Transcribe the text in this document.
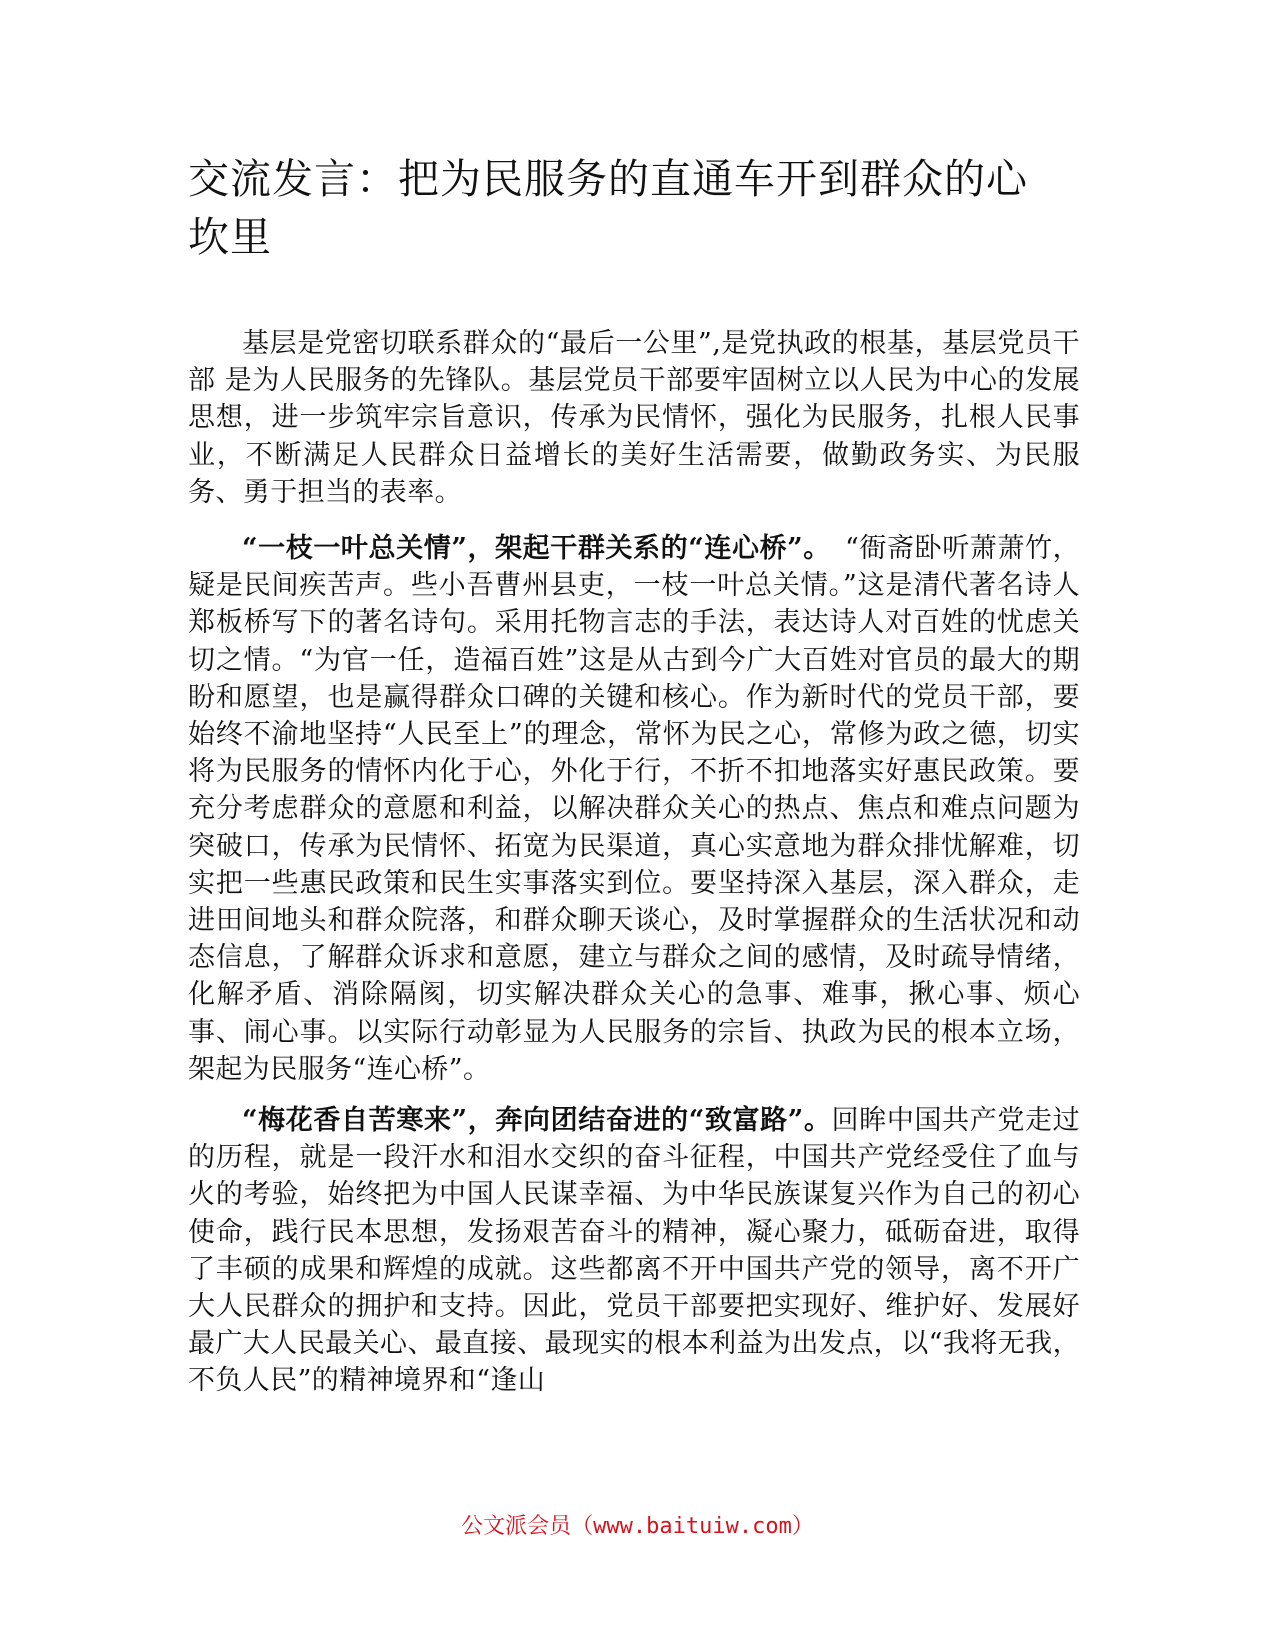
交流发言：把为民服务的直通车开到群众的心坎里

基层是党密切联系群众的“最后一公里”,是党执政的根基，基层党员干部 是为人民服务的先锋队。基层党员干部要牢固树立以人民为中心的发展思想，进一步筑牢宗旨意识，传承为民情怀，强化为民服务，扎根人民事业，不断满足人民群众日益增长的美好生活需要，做勤政务实、为民服务、勇于担当的表率。

“一枝一叶总关情”，架起干群关系的“连心桥”。　“衙斋卧听萧萧竹，疑是民间疾苦声。些小吾曹州县吏，一枝一叶总关情。”这是清代著名诗人郑板桥写下的著名诗句。采用托物言志的手法，表达诗人对百姓的忧虑关切之情。“为官一任，造福百姓”这是从古到今广大百姓对官员的最大的期盼和愿望，也是赢得群众口碑的关键和核心。作为新时代的党员干部，要始终不渝地坚持“人民至上”的理念，常怀为民之心，常修为政之德，切实将为民服务的情怀内化于心，外化于行，不折不扣地落实好惠民政策。要充分考虑群众的意愿和利益，以解决群众关心的热点、焦点和难点问题为突破口，传承为民情怀、拓宽为民渠道，真心实意地为群众排忧解难，切实把一些惠民政策和民生实事落实到位。要坚持深入基层，深入群众，走进田间地头和群众院落，和群众聊天谈心，及时掌握群众的生活状况和动态信息，了解群众诉求和意愿，建立与群众之间的感情，及时疏导情绪，化解矛盾、消除隔阂，切实解决群众关心的急事、难事，揪心事、烦心事、闹心事。以实际行动彰显为人民服务的宗旨、执政为民的根本立场，架起为民服务“连心桥”。

“梅花香自苦寒来”，奔向团结奋进的“致富路”。回眸中国共产党走过的历程，就是一段汗水和泪水交织的奋斗征程，中国共产党经受住了血与火的考验，始终把为中国人民谋幸福、为中华民族谋复兴作为自己的初心使命，践行民本思想，发扬艰苦奋斗的精神，凝心聚力，砥砺奋进，取得了丰硕的成果和辉煌的成就。这些都离不开中国共产党的领导，离不开广大人民群众的拥护和支持。因此，党员干部要把实现好、维护好、发展好最广大人民最关心、最直接、最现实的根本利益为出发点，以“我将无我，不负人民”的精神境界和“逢山

公文派会员（www.baituiw.com）
